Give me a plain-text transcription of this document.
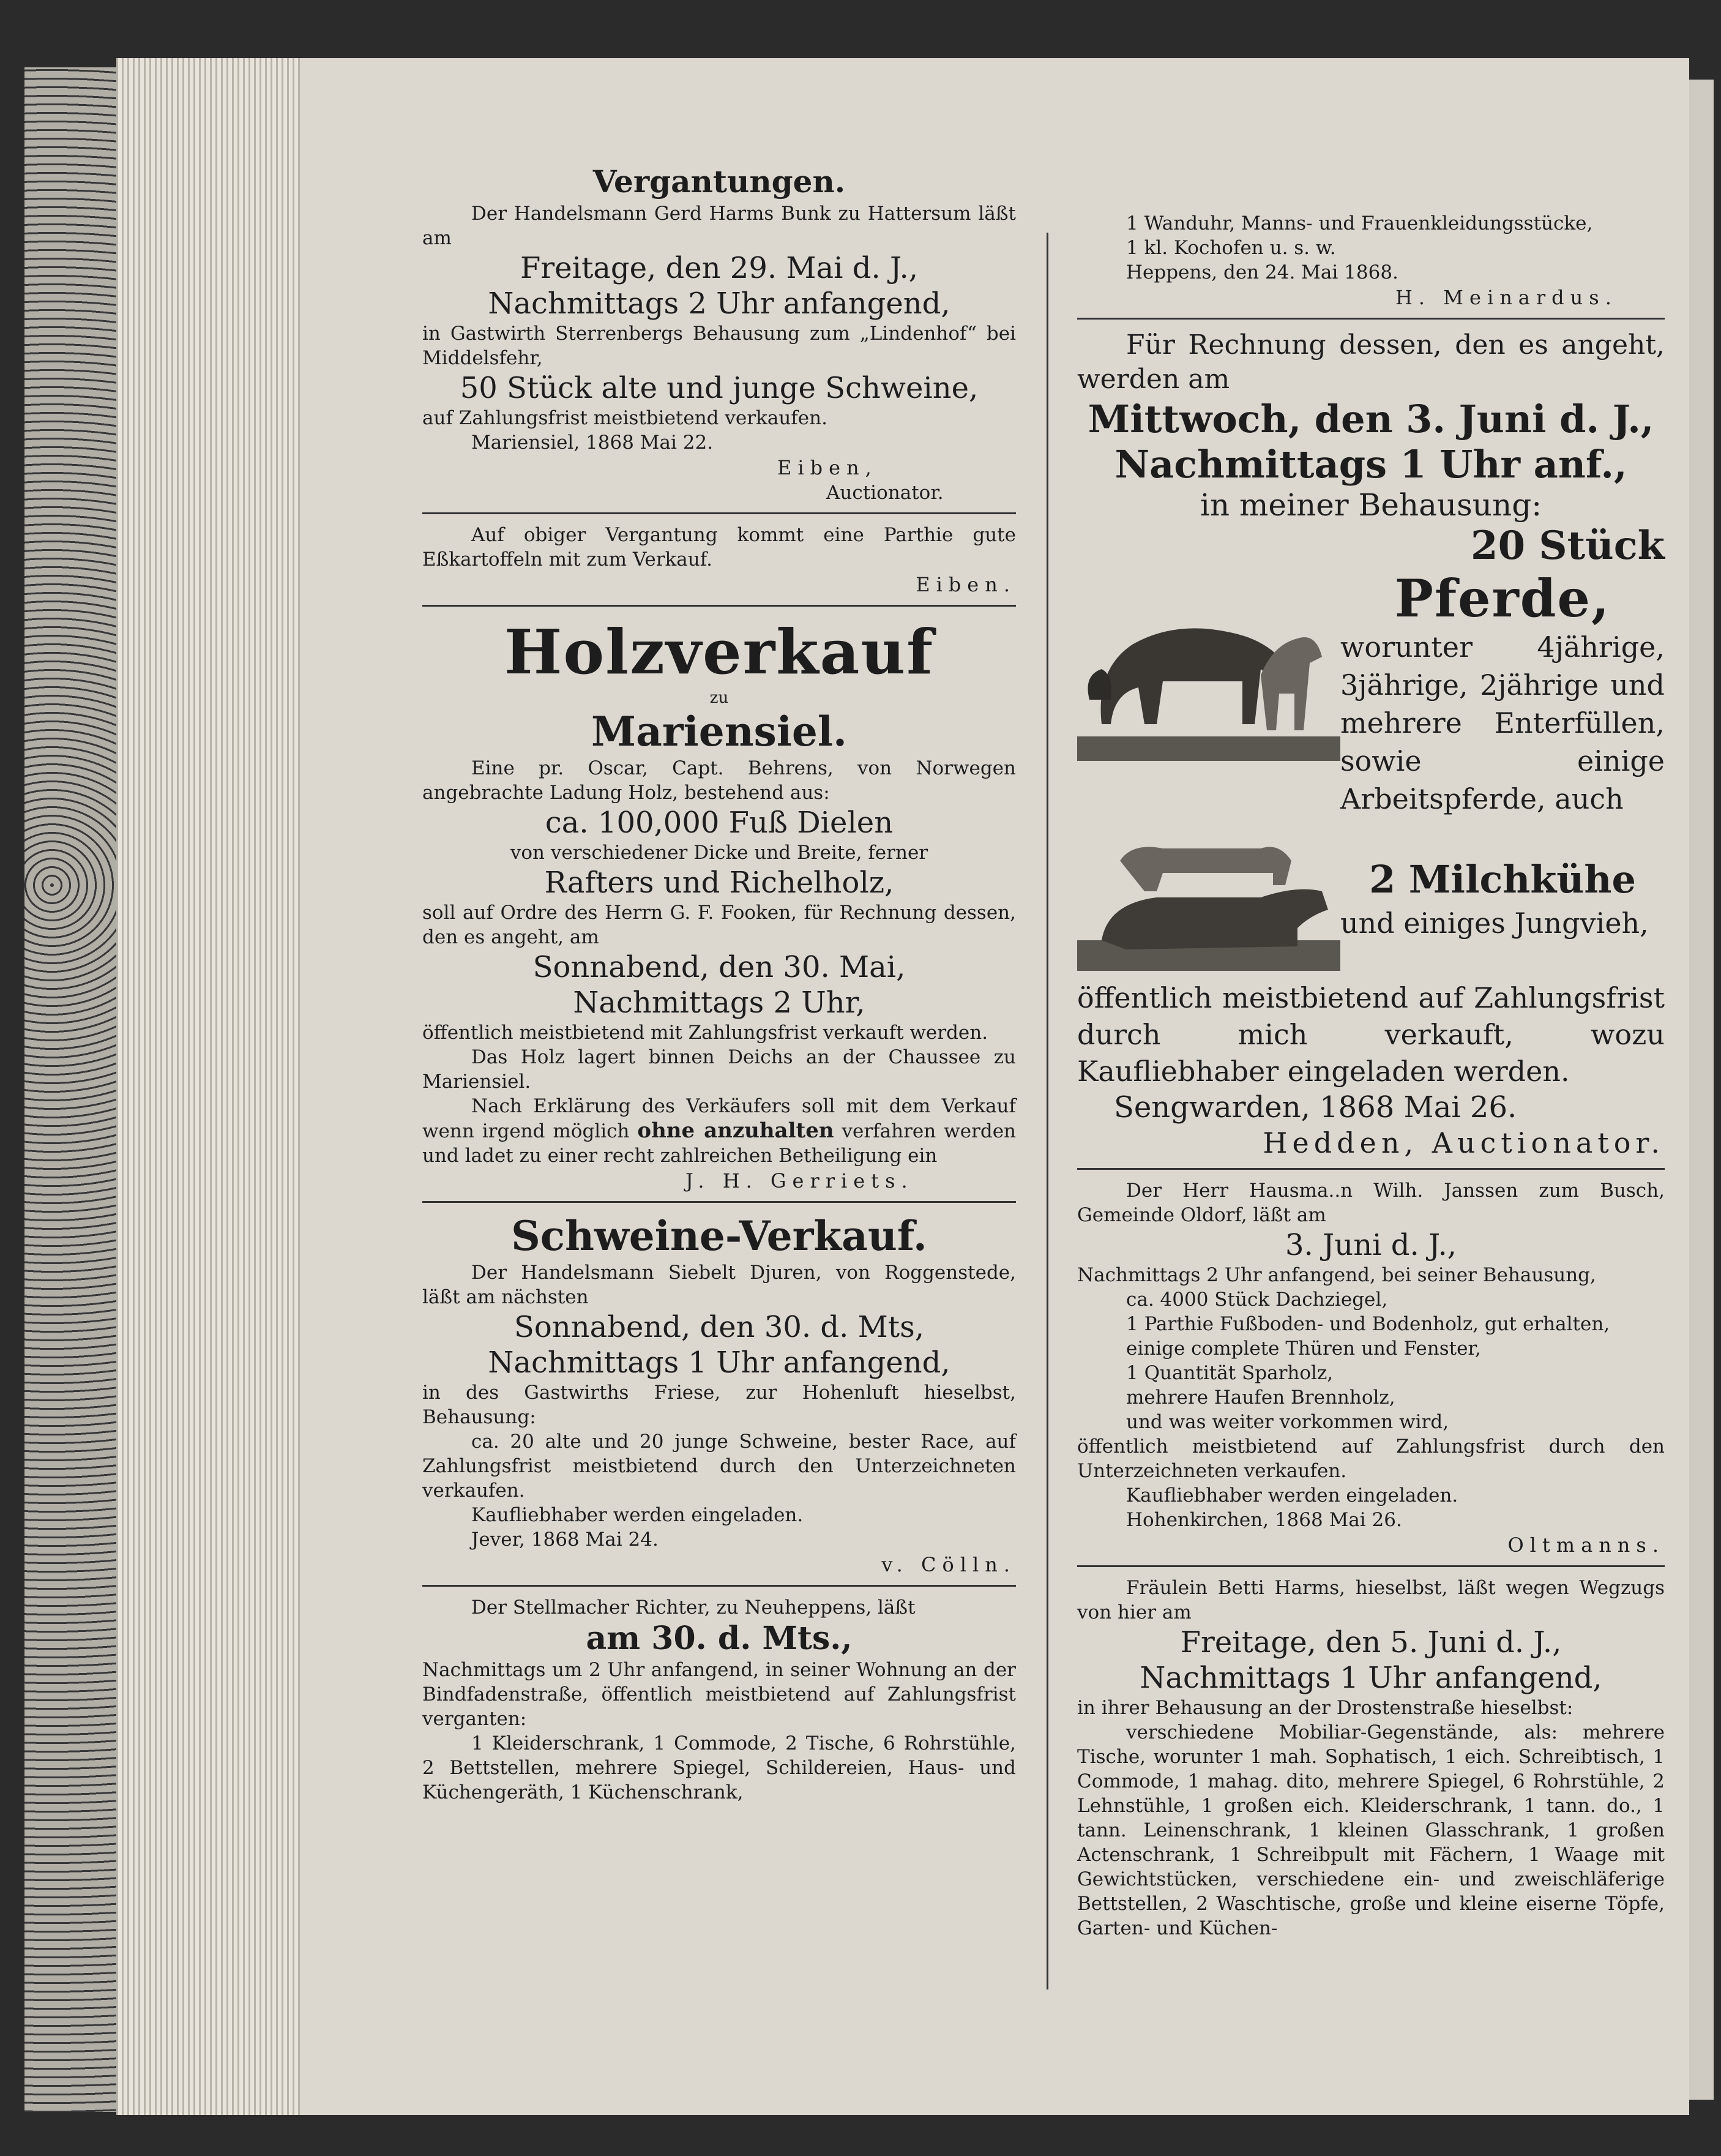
Vergantungen.

Der Handelsmann Gerd Harms Bunk zu Hattersum läßt am

Freitage, den 29. Mai d. J.,

Nachmittags 2 Uhr anfangend,

in Gastwirth Sterrenbergs Behausung zum „Lindenhof“ bei Middelsfehr,

50 Stück alte und junge Schweine,

auf Zahlungsfrist meistbietend verkaufen.

Mariensiel, 1868 Mai 22.

Eiben,

Auctionator.

Auf obiger Vergantung kommt eine Parthie gute Eßkartoffeln mit zum Verkauf.

Eiben.

Holzverkauf

zu

Mariensiel.

Eine pr. Oscar, Capt. Behrens, von Norwegen angebrachte Ladung Holz, bestehend aus:

ca. 100,000 Fuß Dielen

von verschiedener Dicke und Breite, ferner

Rafters und Richelholz,

soll auf Ordre des Herrn G. F. Fooken, für Rechnung dessen, den es angeht, am

Sonnabend, den 30. Mai,

Nachmittags 2 Uhr,

öffentlich meistbietend mit Zahlungsfrist verkauft werden.

Das Holz lagert binnen Deichs an der Chaussee zu Mariensiel.

Nach Erklärung des Verkäufers soll mit dem Verkauf wenn irgend möglich ohne anzuhalten verfahren werden und ladet zu einer recht zahlreichen Betheiligung ein

J. H. Gerriets.

Schweine-Verkauf.

Der Handelsmann Siebelt Djuren, von Roggenstede, läßt am nächsten

Sonnabend, den 30. d. Mts,

Nachmittags 1 Uhr anfangend,

in des Gastwirths Friese, zur Hohenluft hieselbst, Behausung:

ca. 20 alte und 20 junge Schweine, bester Race, auf Zahlungsfrist meistbietend durch den Unterzeichneten verkaufen.

Kaufliebhaber werden eingeladen.

Jever, 1868 Mai 24.

v. Cölln.

Der Stellmacher Richter, zu Neuheppens, läßt

am 30. d. Mts.,

Nachmittags um 2 Uhr anfangend, in seiner Wohnung an der Bindfadenstraße, öffentlich meistbietend auf Zahlungsfrist verganten:

1 Kleiderschrank, 1 Commode, 2 Tische, 6 Rohrstühle, 2 Bettstellen, mehrere Spiegel, Schildereien, Haus- und Küchengeräth, 1 Küchenschrank,

1 Wanduhr, Manns- und Frauenkleidungsstücke,

1 kl. Kochofen u. s. w.

Heppens, den 24. Mai 1868.

H. Meinardus.

Für Rechnung dessen, den es angeht, werden am

Mittwoch, den 3. Juni d. J.,

Nachmittags 1 Uhr anf.,

in meiner Behausung:

20 Stück

Pferde,

worunter 4jährige, 3jährige, 2jährige und mehrere Enterfüllen, sowie einige Arbeitspferde, auch

2 Milchkühe

und einiges Jungvieh,

öffentlich meistbietend auf Zahlungsfrist durch mich verkauft, wozu Kaufliebhaber eingeladen werden.

Sengwarden, 1868 Mai 26.

Hedden, Auctionator.

Der Herr Hausma..n Wilh. Janssen zum Busch, Gemeinde Oldorf, läßt am

3. Juni d. J.,

Nachmittags 2 Uhr anfangend, bei seiner Behausung,

ca. 4000 Stück Dachziegel,

1 Parthie Fußboden- und Bodenholz, gut erhalten,

einige complete Thüren und Fenster,

1 Quantität Sparholz,

mehrere Haufen Brennholz,

und was weiter vorkommen wird,

öffentlich meistbietend auf Zahlungsfrist durch den Unterzeichneten verkaufen.

Kaufliebhaber werden eingeladen.

Hohenkirchen, 1868 Mai 26.

Oltmanns.

Fräulein Betti Harms, hieselbst, läßt wegen Wegzugs von hier am

Freitage, den 5. Juni d. J.,

Nachmittags 1 Uhr anfangend,

in ihrer Behausung an der Drostenstraße hieselbst:

verschiedene Mobiliar-Gegenstände, als: mehrere Tische, worunter 1 mah. Sophatisch, 1 eich. Schreibtisch, 1 Commode, 1 mahag. dito, mehrere Spiegel, 6 Rohrstühle, 2 Lehnstühle, 1 großen eich. Kleiderschrank, 1 tann. do., 1 tann. Leinenschrank, 1 kleinen Glasschrank, 1 großen Actenschrank, 1 Schreibpult mit Fächern, 1 Waage mit Gewichtstücken, verschiedene ein- und zweischläferige Bettstellen, 2 Waschtische, große und kleine eiserne Töpfe, Garten- und Küchen-
